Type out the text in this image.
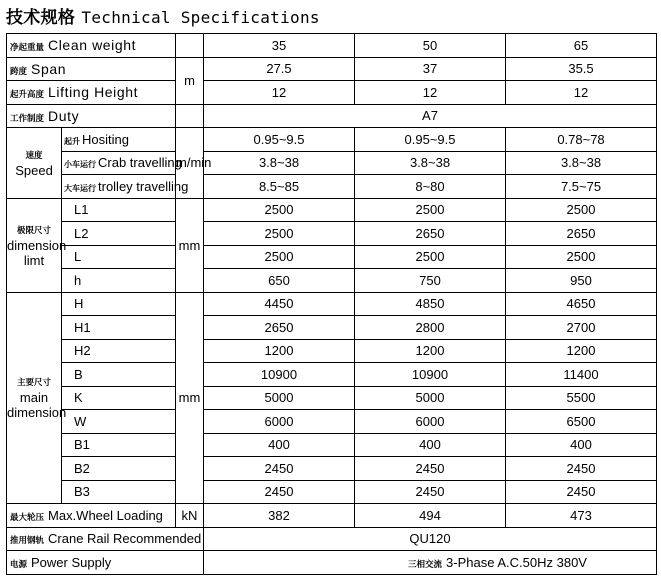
技术规格 Technical Specifications
净起重量 Clean weight			35	50	65
跨度 Span		m	27.5	37	35.5
起升高度 Lifting Height			12	12	12
工作制度 Duty			A7		

速度
Speed	起升 Hositing	m/min	0.95~9.5	0.95~9.5	0.78~78
	小车运行 Crab travelling		3.8~38	3.8~38	3.8~38
	大车运行 trolley travelling		8.5~85	8~80	7.5~75

极限尺寸
dimension
limt	L1	mm	2500	2500	2500
	L2		2500	2650	2650
	L		2500	2500	2500
	h		650	750	950

主要尺寸
main
dimension	H	mm	4450	4850	4650
	H1		2650	2800	2700
	H2		1200	1200	1200
	B		10900	10900	11400
	K		5000	5000	5500
	W		6000	6000	6500
	B1		400	400	400
	B2		2450	2450	2450
	B3		2450	2450	2450
最大轮压 Max.Wheel Loading		kN	382	494	473
推用钢轨 Crane Rail Recommended			QU120		
电源 Power Supply			三相交流 3-Phase A.C.50Hz 380V		
